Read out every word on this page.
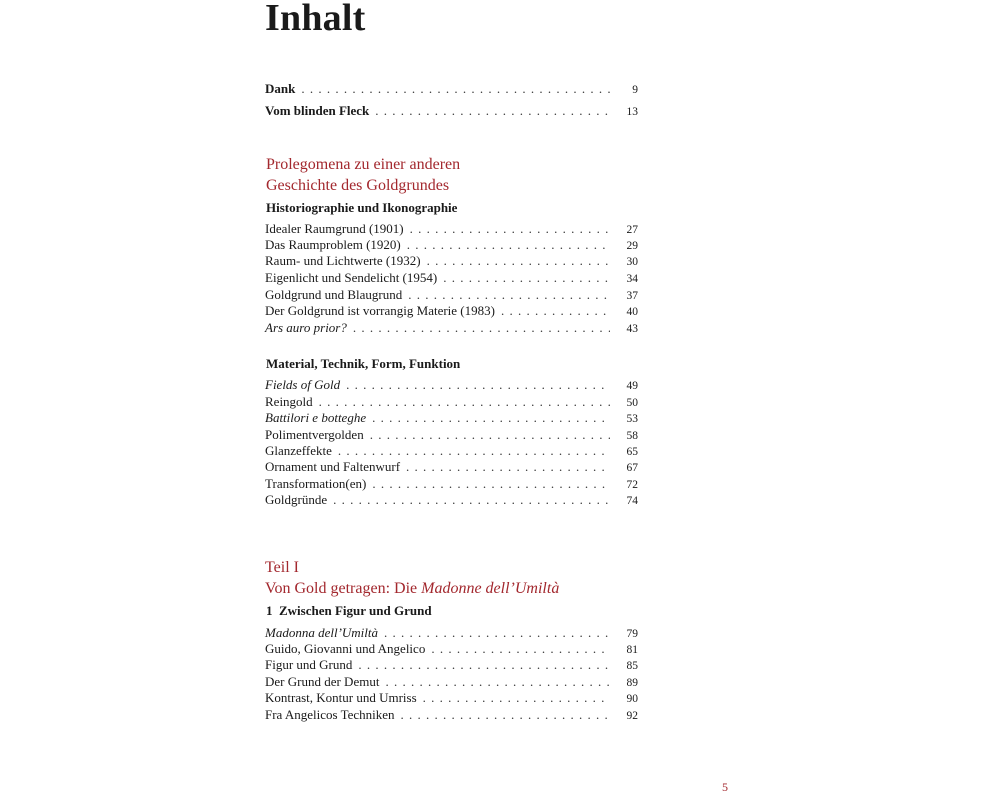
Inhalt
Dank . . .	9
Vom blinden Fleck . . .	13
Prolegomena zu einer anderen
Geschichte des Goldgrundes
Historiographie und Ikonographie
Idealer Raumgrund (1901) . . .	27
Das Raumproblem (1920) . . .	29
Raum- und Lichtwerte (1932) . . .	30
Eigenlicht und Sendelicht (1954) . . .	34
Goldgrund und Blaugrund . . .	37
Der Goldgrund ist vorrangig Materie (1983) . . .	40
Ars auro prior? . . .	43
Material, Technik, Form, Funktion
Fields of Gold . . .	49
Reingold . . .	50
Battilori e botteghe . . .	53
Polimentvergolden . . .	58
Glanzeffekte . . .	65
Ornament und Faltenwurf . . .	67
Transformation(en) . . .	72
Goldgründe . . .	74
Teil I
Von Gold getragen: Die Madonne dell’Umiltà
1  Zwischen Figur und Grund
Madonna dell’Umiltà . . .	79
Guido, Giovanni und Angelico . . .	81
Figur und Grund . . .	85
Der Grund der Demut . . .	89
Kontrast, Kontur und Umriss . . .	90
Fra Angelicos Techniken . . .	92
5
